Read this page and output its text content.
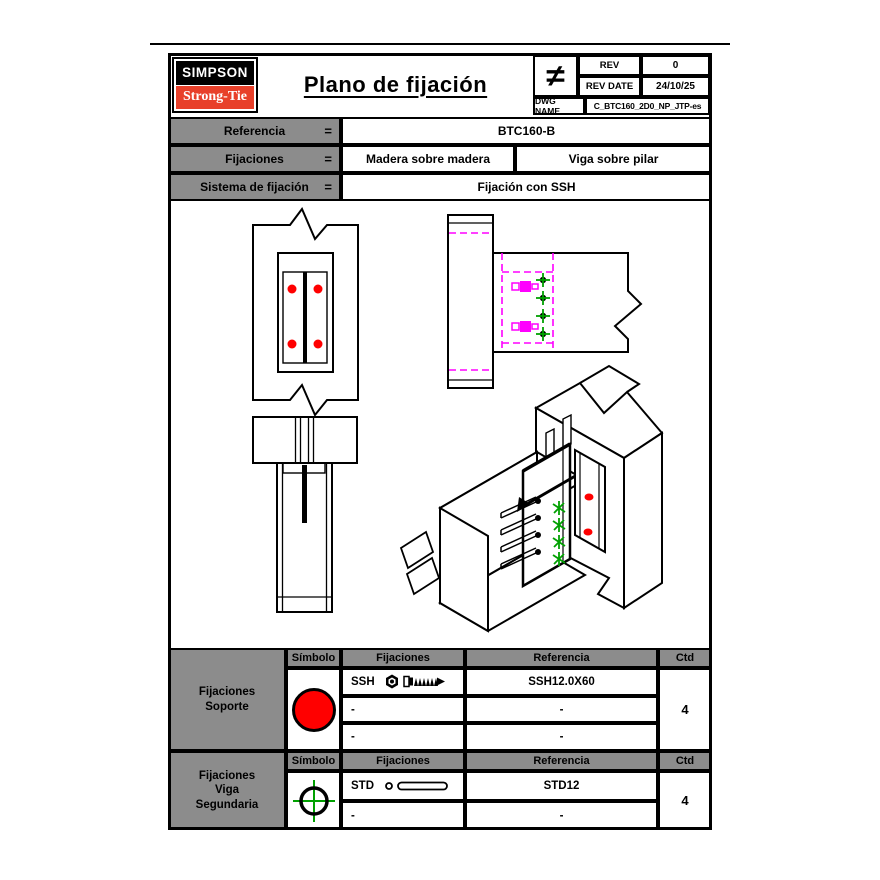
SIMPSON
Strong-Tie	Plano de fijación ≠	REV	0
REV DATE 24/10/25
DWG NAME	C_BTC160_2D0_NP_JTP-es
Referencia	=	BTC160-B
Fijaciones	=	Madera sobre madera	Viga sobre pilar
Sistema de fijación =	Fijación con SSH
Fijaciones
Soporte
Símbolo	Fijaciones	Referencia	Ctd
SSH	SSH12.0X60
-	-
-	-
4
Fijaciones
Viga
Segundaria
Símbolo	Fijaciones	Referencia	Ctd
STD	STD12
-	-
4
